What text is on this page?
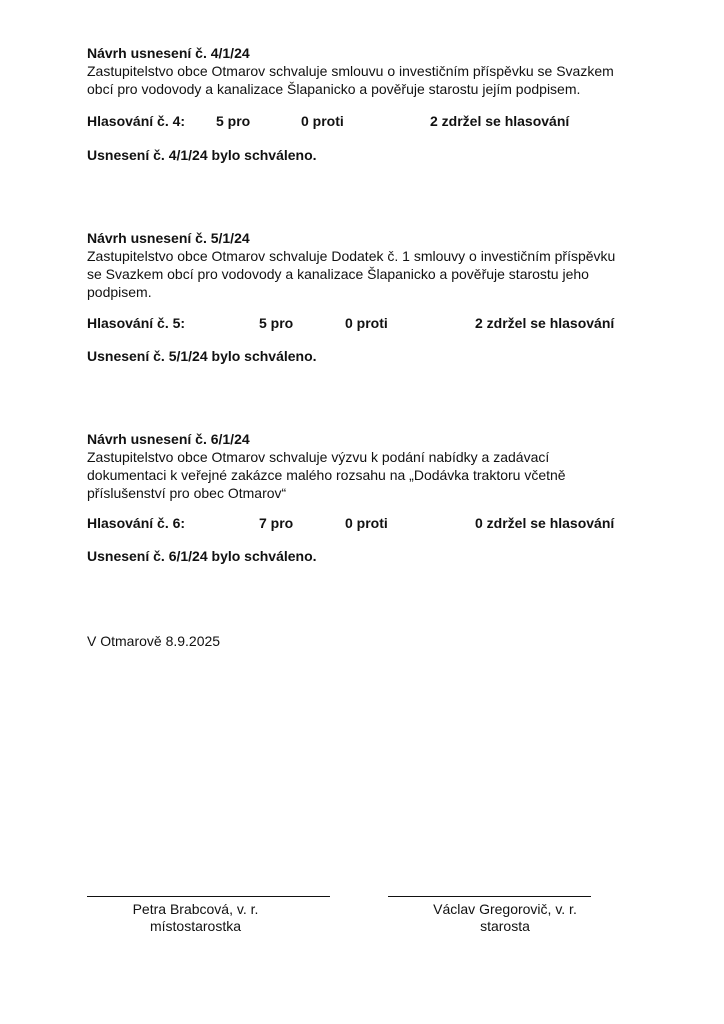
Návrh usnesení č. 4/1/24
Zastupitelstvo obce Otmarov schvaluje smlouvu o investičním příspěvku se Svazkem
obcí pro vodovody a kanalizace Šlapanicko a pověřuje starostu jejím podpisem.
Hlasování č. 4: 5 pro	0 proti	2 zdržel se hlasování
Usnesení č. 4/1/24 bylo schváleno.
Návrh usnesení č. 5/1/24
Zastupitelstvo obce Otmarov schvaluje Dodatek č. 1 smlouvy o investičním příspěvku
se Svazkem obcí pro vodovody a kanalizace Šlapanicko a pověřuje starostu jeho
podpisem.
Hlasování č. 5:	5 pro	0 proti	2 zdržel se hlasování
Usnesení č. 5/1/24 bylo schváleno.
Návrh usnesení č. 6/1/24
Zastupitelstvo obce Otmarov schvaluje výzvu k podání nabídky a zadávací
dokumentaci k veřejné zakázce malého rozsahu na „Dodávka traktoru včetně
příslušenství pro obec Otmarov“
Hlasování č. 6:	7 pro	0 proti	0 zdržel se hlasování
Usnesení č. 6/1/24 bylo schváleno.
V Otmarově 8.9.2025
Petra Brabcová, v. r.
místostarostka
Václav Gregorovič, v. r.
starosta
